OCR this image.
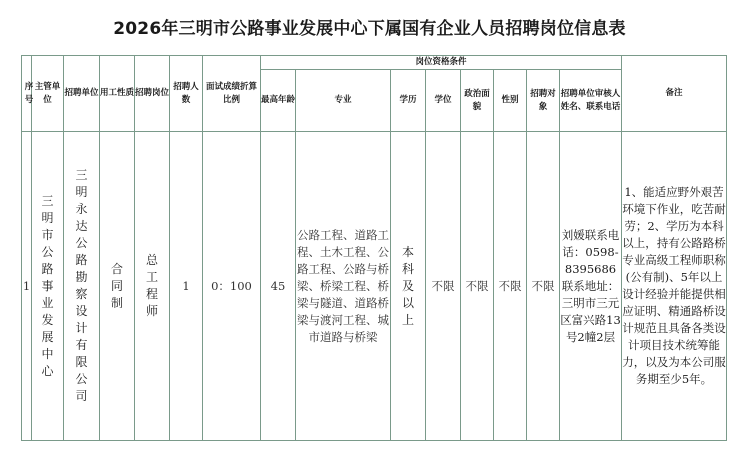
2026年三明市公路事业发展中心下属国有企业人员招聘岗位信息表
序号	主管单位	招聘单位	用工性质	招聘岗位	招聘人数	面试成绩折算比例	岗位资格条件								备注
							最高年龄	专业	学历	学位	政治面貌	性别	招聘对象	招聘单位审核人姓名、联系电话	
1	三明市公路事业发展中心	三明永达公路勘察设计有限公司	合同制	总工程师	1	0：100	45	公路工程、道路工程、土木工程、公路工程、公路与桥梁、桥梁工程、桥梁与隧道、道路桥梁与渡河工程、城市道路与桥梁	本科及以上	不限	不限	不限	不限	刘媛联系电话：0598-8395686联系地址：三明市三元区富兴路13号2幢2层	1、能适应野外艰苦环境下作业，吃苦耐劳；2、学历为本科以上，持有公路路桥专业高级工程师职称(公有制)、5年以上设计经验并能提供相应证明、精通路桥设计规范且具备各类设计项目技术统筹能力，以及为本公司服务期至少5年。
